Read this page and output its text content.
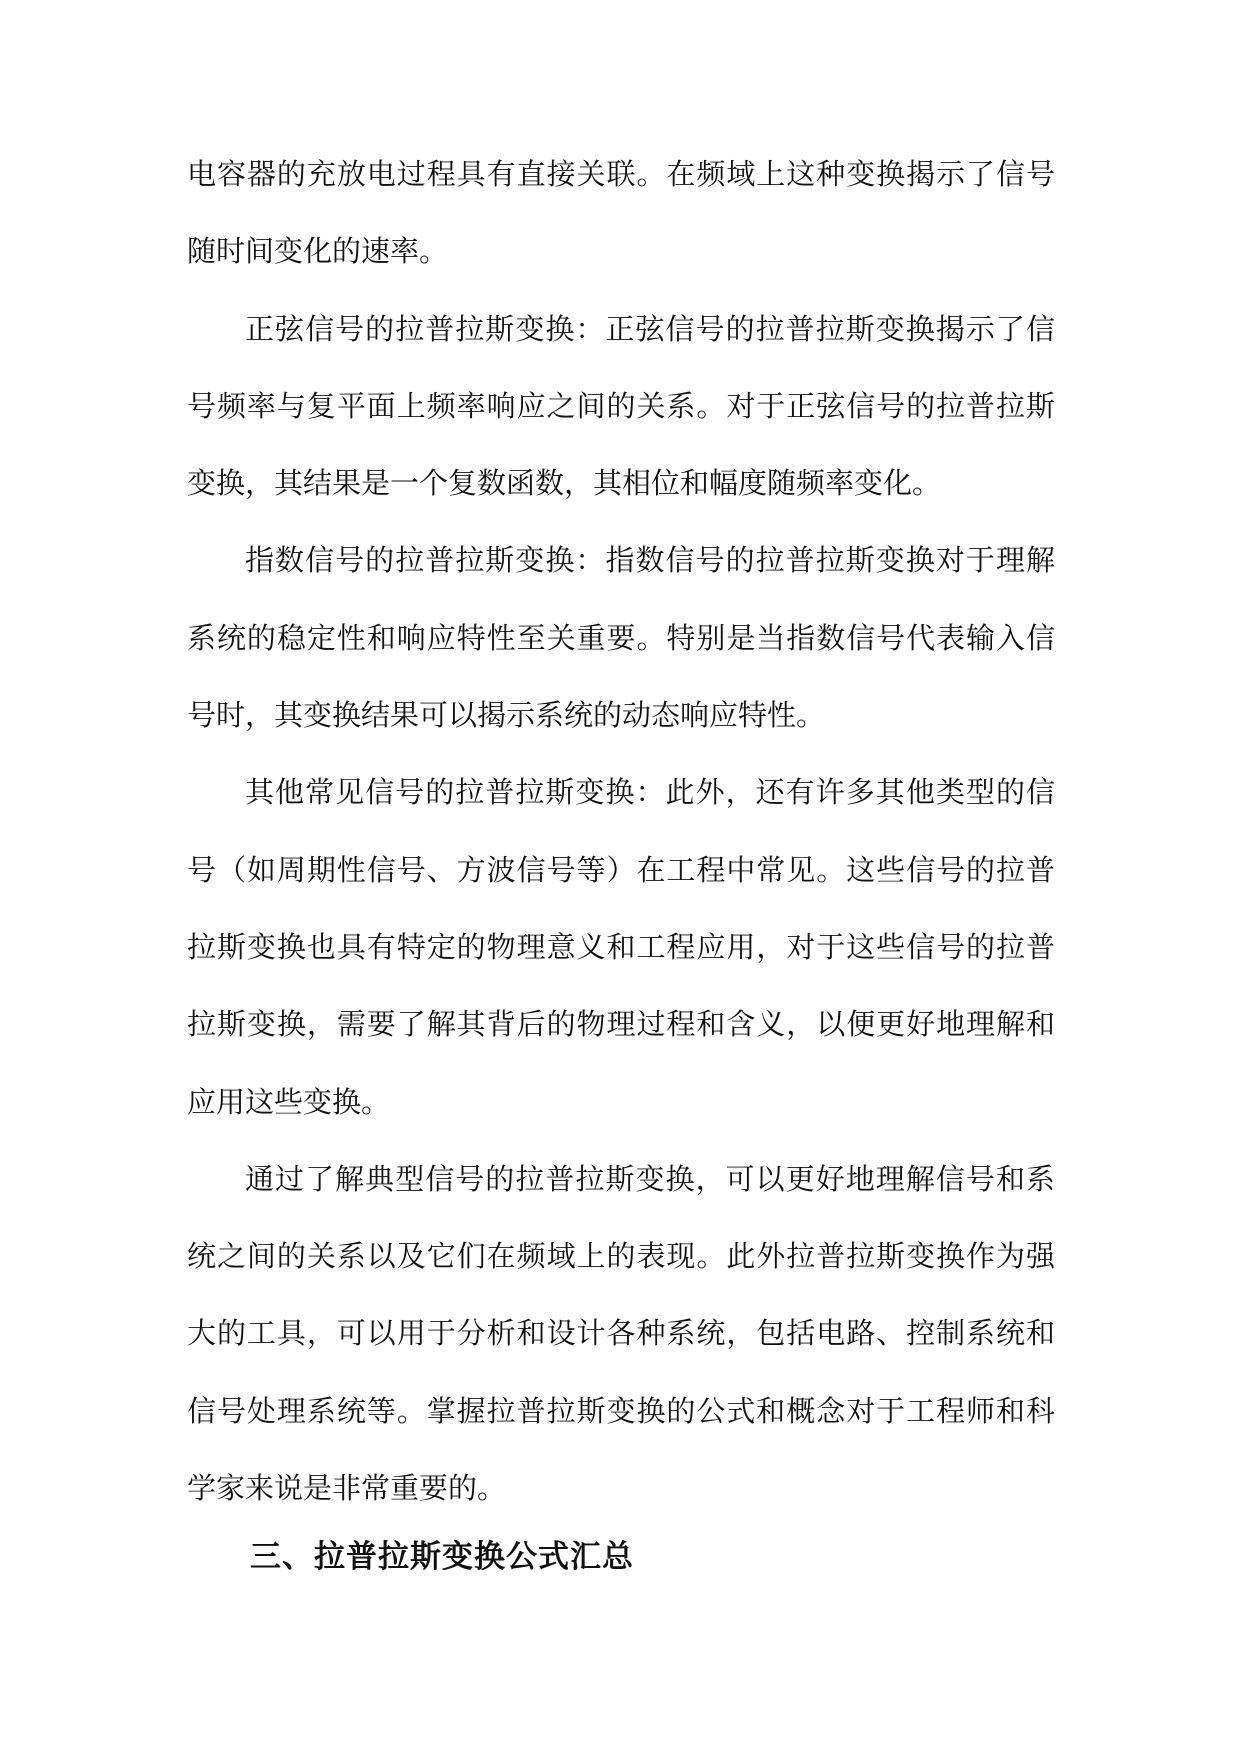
电容器的充放电过程具有直接关联。在频域上这种变换揭示了信号随时间变化的速率。

正弦信号的拉普拉斯变换：正弦信号的拉普拉斯变换揭示了信号频率与复平面上频率响应之间的关系。对于正弦信号的拉普拉斯变换，其结果是一个复数函数，其相位和幅度随频率变化。

指数信号的拉普拉斯变换：指数信号的拉普拉斯变换对于理解系统的稳定性和响应特性至关重要。特别是当指数信号代表输入信号时，其变换结果可以揭示系统的动态响应特性。

其他常见信号的拉普拉斯变换：此外，还有许多其他类型的信号（如周期性信号、方波信号等）在工程中常见。这些信号的拉普拉斯变换也具有特定的物理意义和工程应用，对于这些信号的拉普拉斯变换，需要了解其背后的物理过程和含义，以便更好地理解和应用这些变换。

通过了解典型信号的拉普拉斯变换，可以更好地理解信号和系统之间的关系以及它们在频域上的表现。此外拉普拉斯变换作为强大的工具，可以用于分析和设计各种系统，包括电路、控制系统和信号处理系统等。掌握拉普拉斯变换的公式和概念对于工程师和科学家来说是非常重要的。

三、拉普拉斯变换公式汇总
